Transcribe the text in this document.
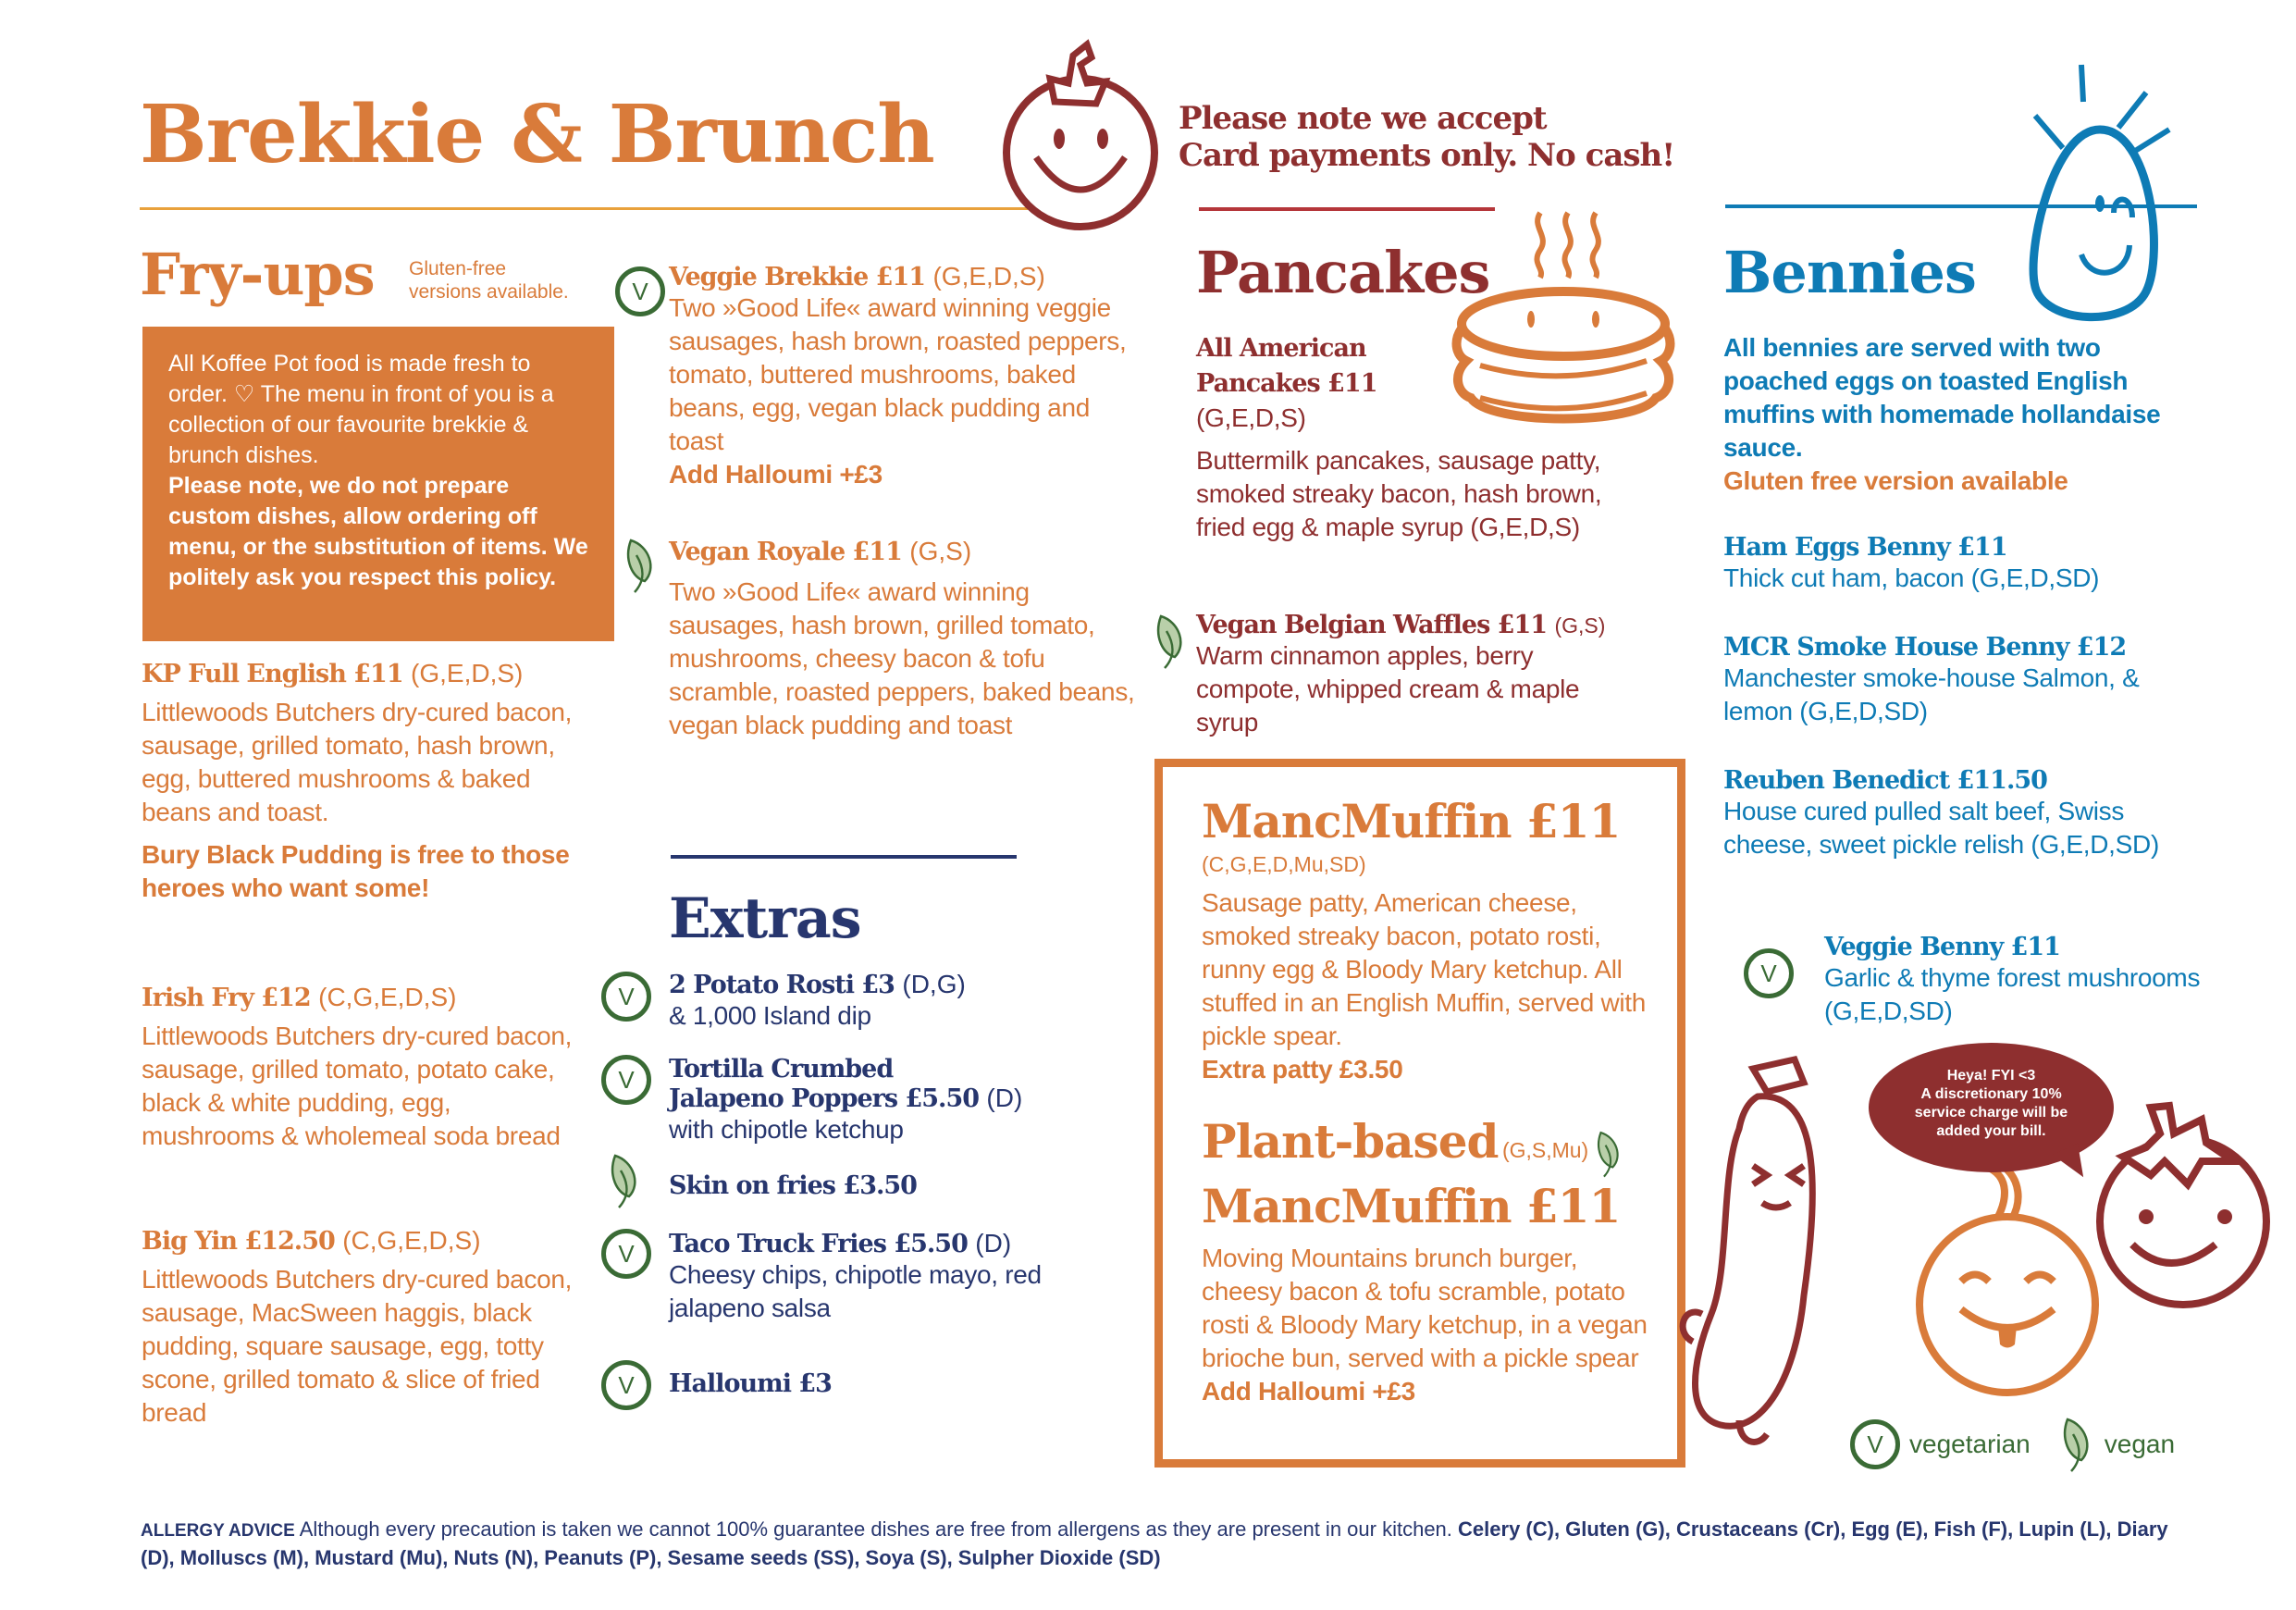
Brekkie & Brunch	Please note we accept
Card payments only. No cash!
Fry-ups Gluten-free
versions available.

All Koffee Pot food is made fresh to order. ♡ The menu in front of you is a collection of our favourite brekkie & brunch dishes.

Please note, we do not prepare custom dishes, allow ordering off menu, or the substitution of items. We politely ask you respect this policy.

KP Full English £11 (G,E,D,S)

Littlewoods Butchers dry-cured bacon, sausage, grilled tomato, hash brown, egg, buttered mushrooms & baked beans and toast.

Bury Black Pudding is free to those heroes who want some!

Irish Fry £12 (C,G,E,D,S)

Littlewoods Butchers dry-cured bacon, sausage, grilled tomato, potato cake, black & white pudding, egg, mushrooms & wholemeal soda bread

Big Yin £12.50 (C,G,E,D,S)

Littlewoods Butchers dry-cured bacon, sausage, MacSween haggis, black pudding, square sausage, egg, totty scone, grilled tomato & slice of fried bread

V Veggie Brekkie £11 (G,E,D,S)

Two »Good Life« award winning veggie sausages, hash brown, roasted peppers, tomato, buttered mushrooms, baked beans, egg, vegan black pudding and toast

Add Halloumi +£3

Vegan Royale £11 (G,S)

Two »Good Life« award winning sausages, hash brown, grilled tomato, mushrooms, cheesy bacon & tofu scramble, roasted peppers, baked beans, vegan black pudding and toast

Extras
V	2 Potato Rosti £3 (D,G)

& 1,000 Island dip

V	Tortilla Crumbed
Jalapeno Poppers £5.50 (D)

with chipotle ketchup

Skin on fries £3.50
V	Taco Truck Fries £5.50 (D)

Cheesy chips, chipotle mayo, red jalapeno salsa

V	Halloumi £3
Pancakes
All American
Pancakes £11
(G,E,D,S)

Buttermilk pancakes, sausage patty, smoked streaky bacon, hash brown, fried egg & maple syrup (G,E,D,S)

Vegan Belgian Waffles £11 (G,S)

Warm cinnamon apples, berry compote, whipped cream & maple syrup

MancMuffin £11
(C,G,E,D,Mu,SD)

Sausage patty, American cheese, smoked streaky bacon, potato rosti, runny egg & Bloody Mary ketchup. All stuffed in an English Muffin, served with pickle spear.

Extra patty £3.50

Plant-based (G,S,Mu)
MancMuffin £11

Moving Mountains brunch burger, cheesy bacon & tofu scramble, potato rosti & Bloody Mary ketchup, in a vegan brioche bun, served with a pickle spear

Add Halloumi +£3

Bennies

All bennies are served with two poached eggs on toasted English muffins with homemade hollandaise sauce.

Gluten free version available

Ham Eggs Benny £11

Thick cut ham, bacon (G,E,D,SD)

MCR Smoke House Benny £12

Manchester smoke-house Salmon, & lemon (G,E,D,SD)

Reuben Benedict £11.50

House cured pulled salt beef, Swiss cheese, sweet pickle relish (G,E,D,SD)

V
Veggie Benny £11

Garlic & thyme forest mushrooms (G,E,D,SD)

Heya! FYI <3
A discretionary 10% service charge will be added your bill.
V	vegetarian	vegan
ALLERGY ADVICE Although every precaution is taken we cannot 100% guarantee dishes are free from allergens as they are present in our kitchen. Celery (C), Gluten (G), Crustaceans (Cr), Egg (E), Fish (F), Lupin (L), Diary (D), Molluscs (M), Mustard (Mu), Nuts (N), Peanuts (P), Sesame seeds (SS), Soya (S), Sulpher Dioxide (SD)
